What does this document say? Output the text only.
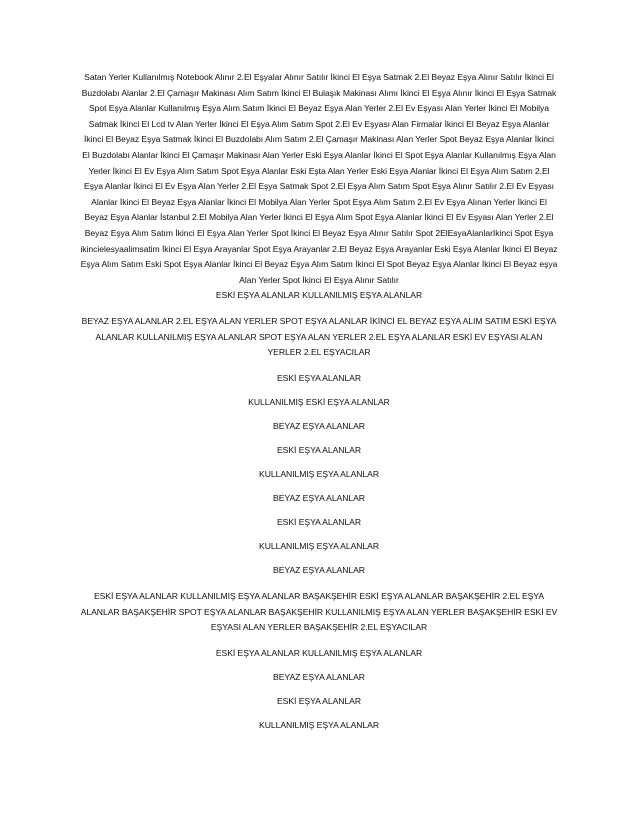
Satan Yerler Kullanılmış Notebook Alınır 2.El Eşyalar Alınır Satılır İkinci El Eşya Satmak 2.El Beyaz Eşya Alınır Satılır İkinci El Buzdolabı Alanlar 2.El Çamaşır Makinası Alım Satım İkinci El Bulaşık Makinası Alımı İkinci El Eşya Alınır İkinci El Eşya Satmak Spot Eşya Alanlar Kullanılmış Eşya Alım Satım İkinci El Beyaz Eşya Alan Yerler 2.El Ev Eşyası Alan Yerler İkinci El Mobilya Satmak İkinci El Lcd tv Alan Yerler İkinci El Eşya Alım Satım Spot 2.El Ev Eşyası Alan Firmalar İkinci El Beyaz Eşya Alanlar İkinci El Beyaz Eşya Satmak İkinci El Buzdolabı Alım Satım 2.El Çamaşır Makinası Alan Yerler Spot Beyaz Eşya Alanlar İkinci El Buzdolabı Alanlar İkinci El Çamaşır Makinası Alan Yerler Eski Eşya Alanlar İkinci El Spot Eşya Alanlar Kullanılmış Eşya Alan Yerler İkinci El Ev Eşya Alım Satım Spot Eşya Alanlar Eski Eşta Alan Yerler Eski Eşya Alanlar İkinci El Eşya Alım Satım 2.El Eşya Alanlar İkinci El Ev Eşya Alan Yerler 2.El Eşya Satmak Spot 2.El Eşya Alım Satım Spot Eşya Alınır Satılır 2.El Ev Eşyası Alanlar İkinci El Beyaz Eşya Alanlar İkinci El Mobilya Alan Yerler Spot Eşya Alım Satım 2.El Ev Eşya Alınan Yerler İkinci El Beyaz Eşya Alanlar İstanbul 2.El Mobilya Alan Yerler İkinci El Eşya Alım Spot Eşya Alanlar İkinci El Ev Eşyası Alan Yerler 2.El Beyaz Eşya Alım Satım İkinci El Eşya Alan Yerler Spot İkinci El Beyaz Eşya Alınır Satılır Spot 2ElEsyaAlanlarIkinci Spot Eşya ikincielesyaalimsatim İkinci El Eşya Arayanlar Spot Eşya Arayanlar 2.El Beyaz Eşya Arayanlar Eski Eşya Alanlar İkinci El Beyaz Eşya Alım Satım Eski Spot Eşya Alanlar İkinci El Beyaz Eşya Alım Satım İkinci El Spot Beyaz Eşya Alanlar İkinci El Beyaz eşya Alan Yerler Spot İkinci El Eşya Alınır Satılır

ESKİ EŞYA ALANLAR KULLANILMIŞ EŞYA ALANLAR

BEYAZ EŞYA ALANLAR 2.EL EŞYA ALAN YERLER SPOT EŞYA ALANLAR İKİNCİ EL BEYAZ EŞYA ALIM SATIM ESKİ EŞYA ALANLAR KULLANILMIŞ EŞYA ALANLAR SPOT EŞYA ALAN YERLER 2.EL EŞYA ALANLAR ESKİ EV EŞYASI ALAN YERLER 2.EL EŞYACILAR

ESKİ EŞYA ALANLAR

KULLANILMIŞ ESKİ EŞYA ALANLAR

BEYAZ EŞYA ALANLAR

ESKİ EŞYA ALANLAR

KULLANILMIŞ EŞYA ALANLAR

BEYAZ EŞYA ALANLAR

ESKİ EŞYA ALANLAR

KULLANILMIŞ EŞYA ALANLAR

BEYAZ EŞYA ALANLAR

ESKİ EŞYA ALANLAR KULLANILMIŞ EŞYA ALANLAR BAŞAKŞEHİR ESKİ EŞYA ALANLAR BAŞAKŞEHİR 2.EL EŞYA ALANLAR BAŞAKŞEHİR SPOT EŞYA ALANLAR BAŞAKŞEHİR KULLANILMIŞ EŞYA ALAN YERLER BAŞAKŞEHİR ESKİ EV EŞYASI ALAN YERLER BAŞAKŞEHİR 2.EL EŞYACILAR

ESKİ EŞYA ALANLAR KULLANILMIŞ EŞYA ALANLAR

BEYAZ EŞYA ALANLAR

ESKİ EŞYA ALANLAR

KULLANILMIŞ EŞYA ALANLAR
